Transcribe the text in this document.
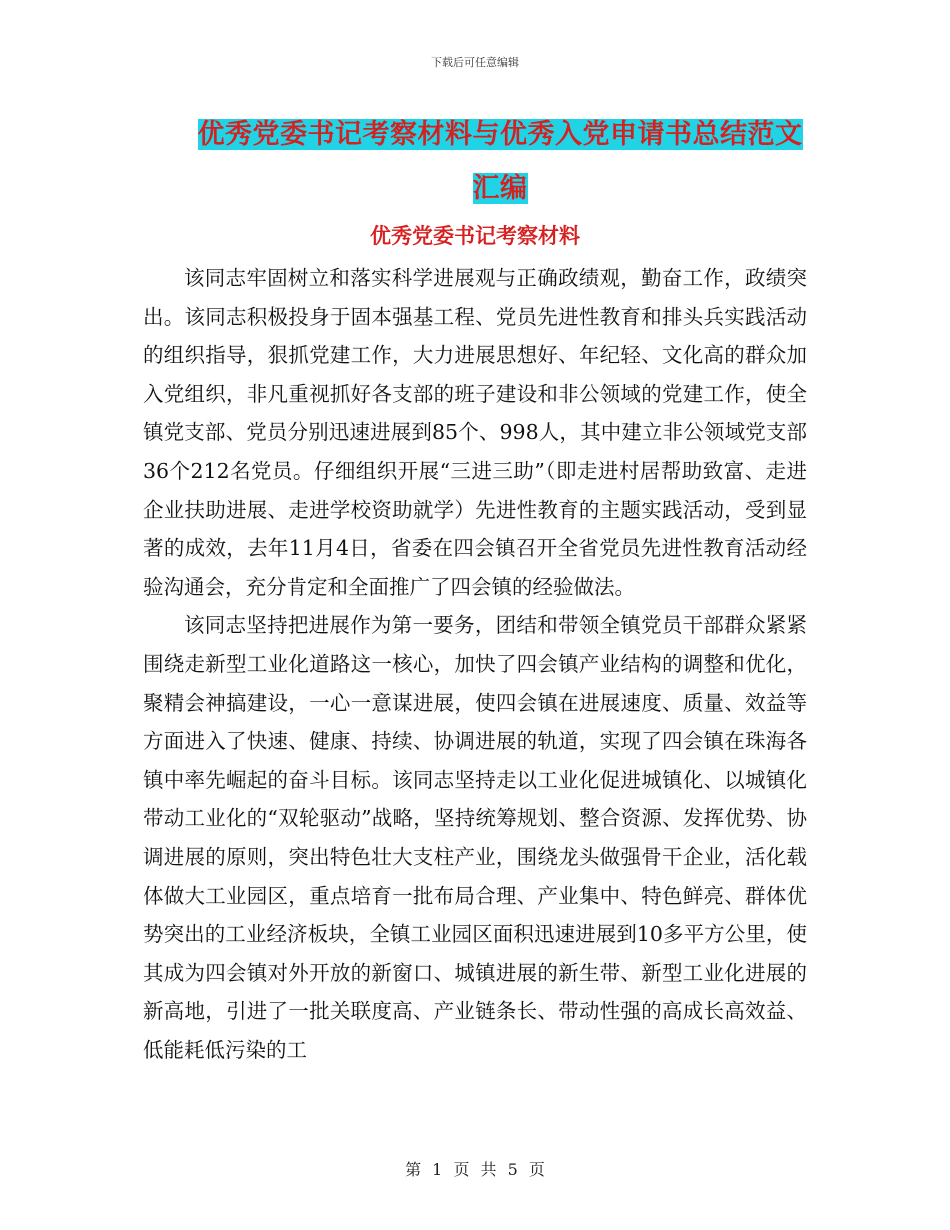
下载后可任意编辑
优秀党委书记考察材料与优秀入党申请书总结范文汇编
优秀党委书记考察材料

该同志牢固树立和落实科学进展观与正确政绩观，勤奋工作，政绩突出。该同志积极投身于固本强基工程、党员先进性教育和排头兵实践活动的组织指导，狠抓党建工作，大力进展思想好、年纪轻、文化高的群众加入党组织，非凡重视抓好各支部的班子建设和非公领域的党建工作，使全镇党支部、党员分别迅速进展到85个、998人，其中建立非公领域党支部36个212名党员。仔细组织开展“三进三助”（即走进村居帮助致富、走进企业扶助进展、走进学校资助就学）先进性教育的主题实践活动，受到显著的成效，去年11月4日，省委在四会镇召开全省党员先进性教育活动经验沟通会，充分肯定和全面推广了四会镇的经验做法。

该同志坚持把进展作为第一要务，团结和带领全镇党员干部群众紧紧围绕走新型工业化道路这一核心，加快了四会镇产业结构的调整和优化，聚精会神搞建设，一心一意谋进展，使四会镇在进展速度、质量、效益等方面进入了快速、健康、持续、协调进展的轨道，实现了四会镇在珠海各镇中率先崛起的奋斗目标。该同志坚持走以工业化促进城镇化、以城镇化带动工业化的“双轮驱动”战略，坚持统筹规划、整合资源、发挥优势、协调进展的原则，突出特色壮大支柱产业，围绕龙头做强骨干企业，活化载体做大工业园区，重点培育一批布局合理、产业集中、特色鲜亮、群体优势突出的工业经济板块，全镇工业园区面积迅速进展到10多平方公里，使其成为四会镇对外开放的新窗口、城镇进展的新生带、新型工业化进展的新高地，引进了一批关联度高、产业链条长、带动性强的高成长高效益、低能耗低污染的工

第 1 页 共 5 页
